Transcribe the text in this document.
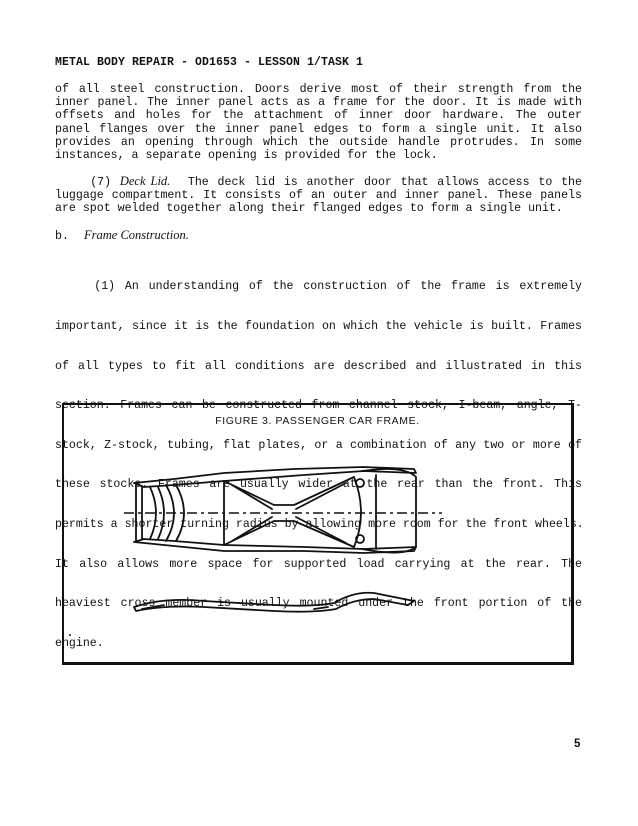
METAL BODY REPAIR - OD1653 - LESSON 1/TASK 1
of all steel construction. Doors derive most of their strength from the
inner panel. The inner panel acts as a frame for the door. It is made with
offsets and holes for the attachment of inner door hardware. The outer
panel flanges over the inner panel edges to form a single unit. It also
provides an opening through which the outside handle protrudes. In some
instances, a separate opening is provided for the lock.
(7) Deck Lid. The deck lid is another door that allows access to the
luggage compartment. It consists of an outer and inner panel. These panels
are spot welded together along their flanged edges to form a single unit.
b. Frame Construction.

(1) An understanding of the construction of the frame is extremely

important, since it is the foundation on which the vehicle is built. Frames

of all types to fit all conditions are described and illustrated in this

section. Frames can be constructed from channel stock, I-beam, angle, T-

stock, Z-stock, tubing, flat plates, or a combination of any two or more of

these stocks. Frames are usually wider at the rear than the front. This

permits a shorter turning radius by allowing more room for the front wheels.

It also allows more space for supported load carrying at the rear. The

heaviest cross member is usually mounted under the front portion of the

engine.

FIGURE 3. PASSENGER CAR FRAME.
5
